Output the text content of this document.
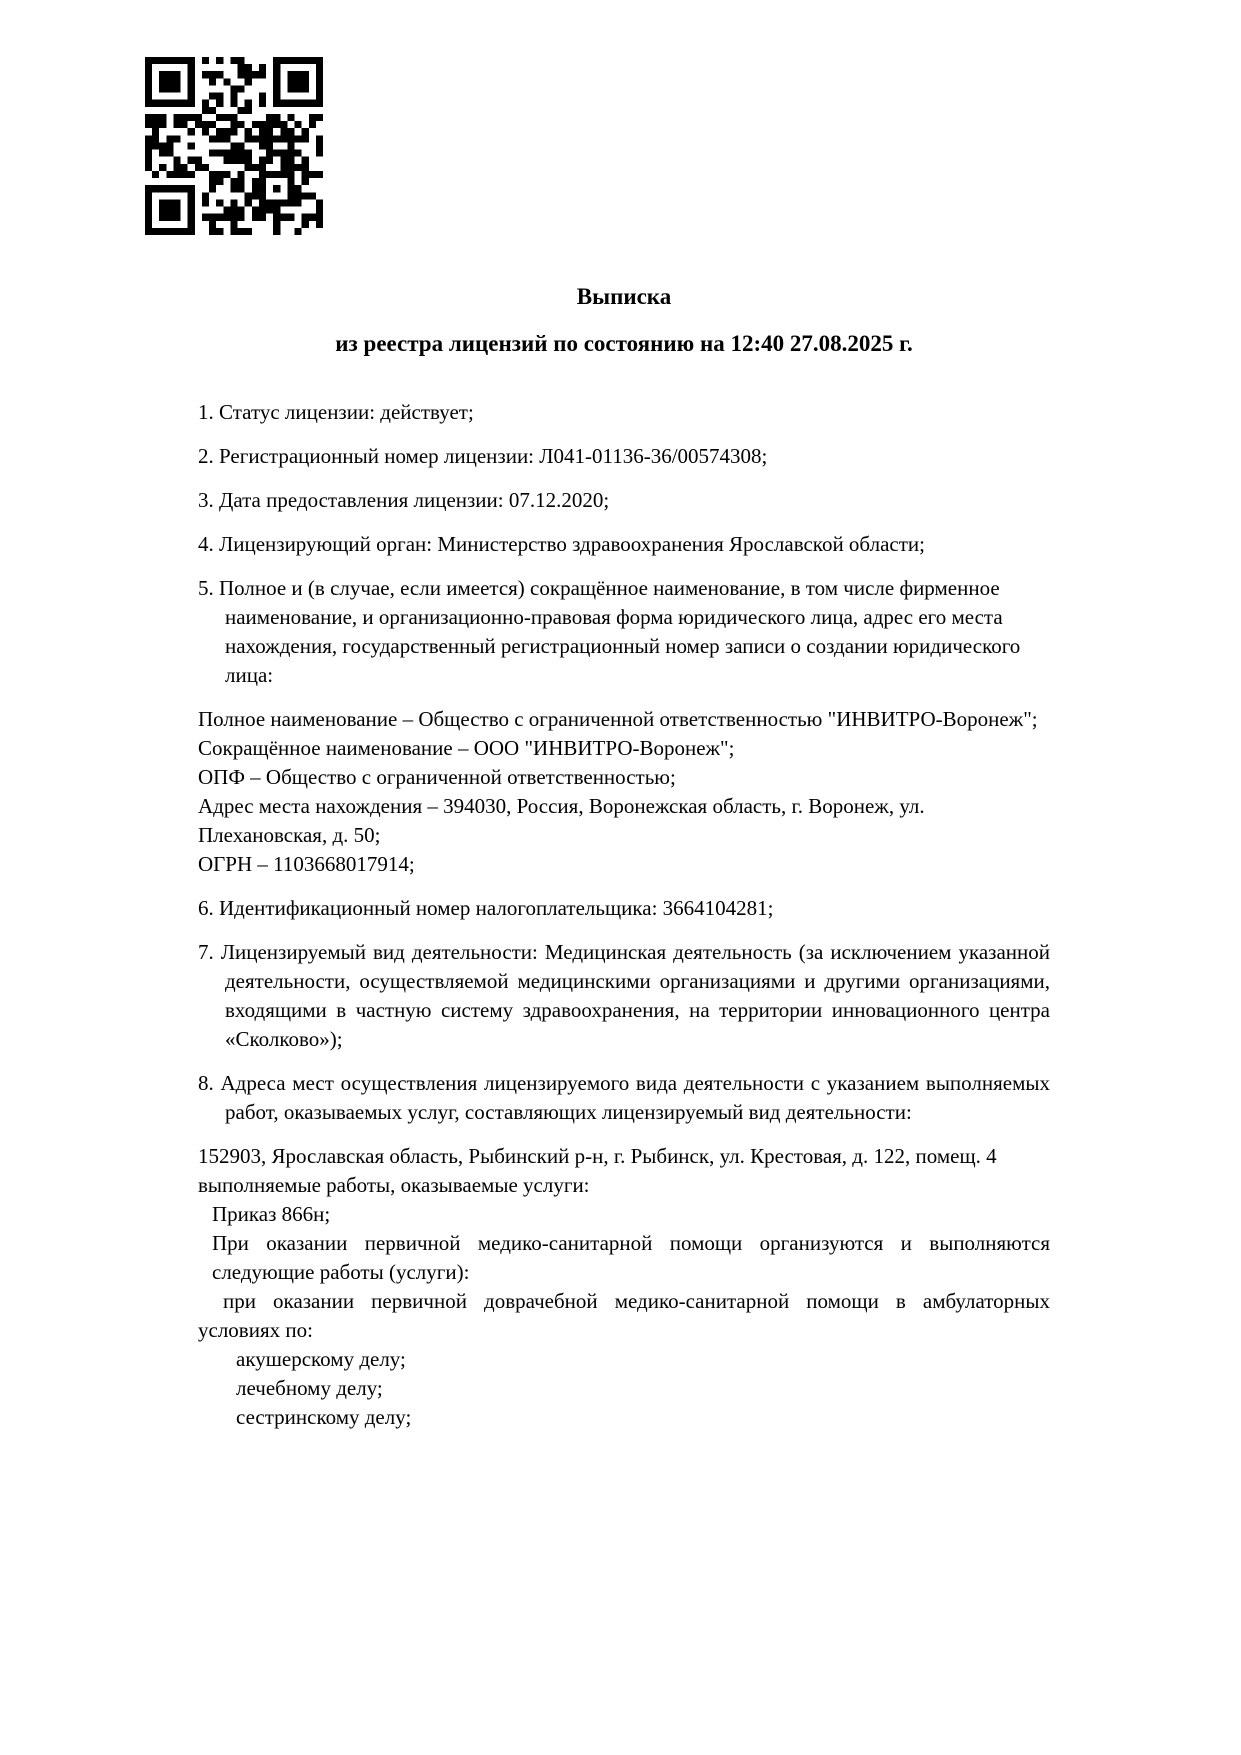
Выписка
из реестра лицензий по состоянию на 12:40 27.08.2025 г.
1. Статус лицензии: действует;
2. Регистрационный номер лицензии: Л041-01136-36/00574308;
3. Дата предоставления лицензии: 07.12.2020;
4. Лицензирующий орган: Министерство здравоохранения Ярославской области;
5. Полное и (в случае, если имеется) сокращённое наименование, в том числе фирменное наименование, и организационно-правовая форма юридического лица, адрес его места нахождения, государственный регистрационный номер записи о создании юридического лица:
Полное наименование – Общество с ограниченной ответственностью "ИНВИТРО-Воронеж";
Сокращённое наименование – ООО "ИНВИТРО-Воронеж";
ОПФ – Общество с ограниченной ответственностью;
Адрес места нахождения – 394030, Россия, Воронежская область, г. Воронеж, ул. Плехановская, д. 50;
ОГРН – 1103668017914;
6. Идентификационный номер налогоплательщика: 3664104281;
7. Лицензируемый вид деятельности: Медицинская деятельность (за исключением указанной деятельности, осуществляемой медицинскими организациями и другими организациями, входящими в частную систему здравоохранения, на территории инновационного центра «Сколково»);
8. Адреса мест осуществления лицензируемого вида деятельности с указанием выполняемых работ, оказываемых услуг, составляющих лицензируемый вид деятельности:
152903, Ярославская область, Рыбинский р-н, г. Рыбинск, ул. Крестовая, д. 122, помещ. 4
выполняемые работы, оказываемые услуги:
Приказ 866н;
При оказании первичной медико-санитарной помощи организуются и выполняются следующие работы (услуги):
при оказании первичной доврачебной медико-санитарной помощи в амбулаторных условиях по:
акушерскому делу;
лечебному делу;
сестринскому делу;
